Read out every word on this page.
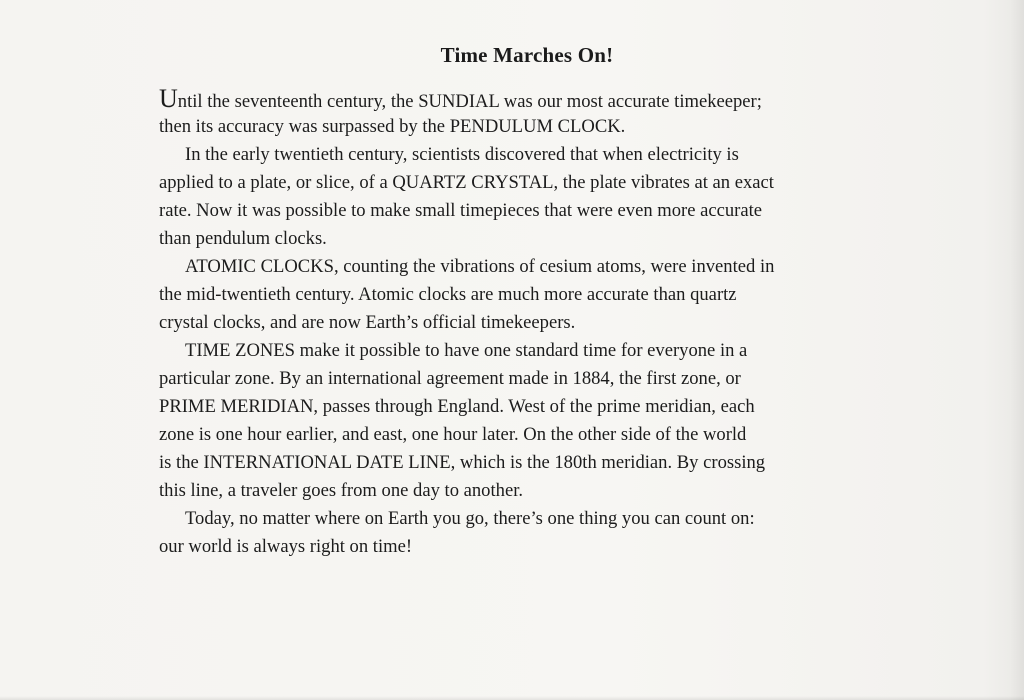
Time Marches On!
Until the seventeenth century, the SUNDIAL was our most accurate timekeeper;
then its accuracy was surpassed by the PENDULUM CLOCK.
In the early twentieth century, scientists discovered that when electricity is
applied to a plate, or slice, of a QUARTZ CRYSTAL, the plate vibrates at an exact
rate. Now it was possible to make small timepieces that were even more accurate
than pendulum clocks.
ATOMIC CLOCKS, counting the vibrations of cesium atoms, were invented in
the mid-twentieth century. Atomic clocks are much more accurate than quartz
crystal clocks, and are now Earth’s official timekeepers.
TIME ZONES make it possible to have one standard time for everyone in a
particular zone. By an international agreement made in 1884, the first zone, or
PRIME MERIDIAN, passes through England. West of the prime meridian, each
zone is one hour earlier, and east, one hour later. On the other side of the world
is the INTERNATIONAL DATE LINE, which is the 180th meridian. By crossing
this line, a traveler goes from one day to another.
Today, no matter where on Earth you go, there’s one thing you can count on:
our world is always right on time!
